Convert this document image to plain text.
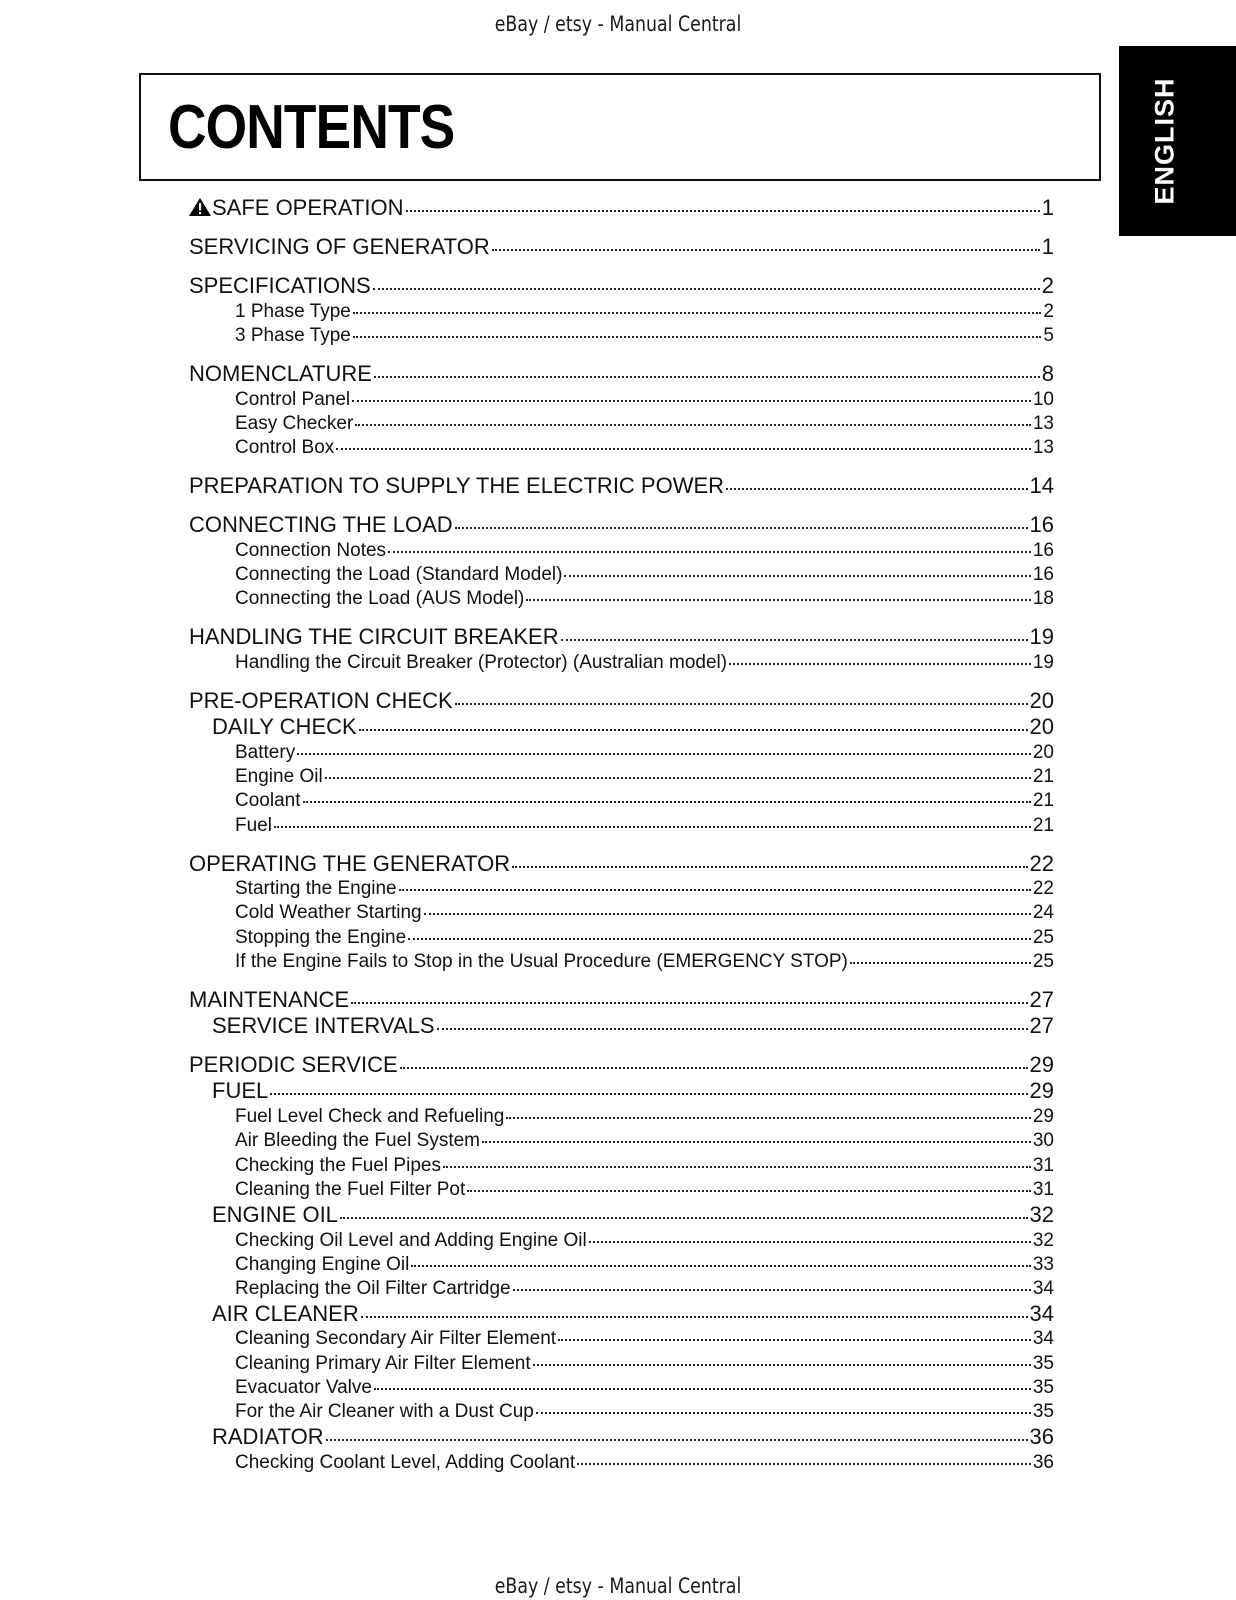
eBay / etsy - Manual Central
CONTENTS	ENGLISH
SAFE OPERATION	1
SERVICING OF GENERATOR	1
SPECIFICATIONS	2
1 Phase Type	2
3 Phase Type	5
NOMENCLATURE	8
Control Panel	10
Easy Checker	13
Control Box	13
PREPARATION TO SUPPLY THE ELECTRIC POWER	14
CONNECTING THE LOAD	16
Connection Notes	16
Connecting the Load (Standard Model)	16
Connecting the Load (AUS Model)	18
HANDLING THE CIRCUIT BREAKER	19
Handling the Circuit Breaker (Protector) (Australian model)	19
PRE-OPERATION CHECK	20
DAILY CHECK	20
Battery	20
Engine Oil	21
Coolant	21
Fuel	21
OPERATING THE GENERATOR	22
Starting the Engine	22
Cold Weather Starting	24
Stopping the Engine	25
If the Engine Fails to Stop in the Usual Procedure (EMERGENCY STOP)	25
MAINTENANCE	27
SERVICE INTERVALS	27
PERIODIC SERVICE	29
FUEL	29
Fuel Level Check and Refueling	29
Air Bleeding the Fuel System	30
Checking the Fuel Pipes	31
Cleaning the Fuel Filter Pot	31
ENGINE OIL	32
Checking Oil Level and Adding Engine Oil	32
Changing Engine Oil	33
Replacing the Oil Filter Cartridge	34
AIR CLEANER	34
Cleaning Secondary Air Filter Element	34
Cleaning Primary Air Filter Element	35
Evacuator Valve	35
For the Air Cleaner with a Dust Cup	35
RADIATOR	36
Checking Coolant Level, Adding Coolant	36
eBay / etsy - Manual Central
